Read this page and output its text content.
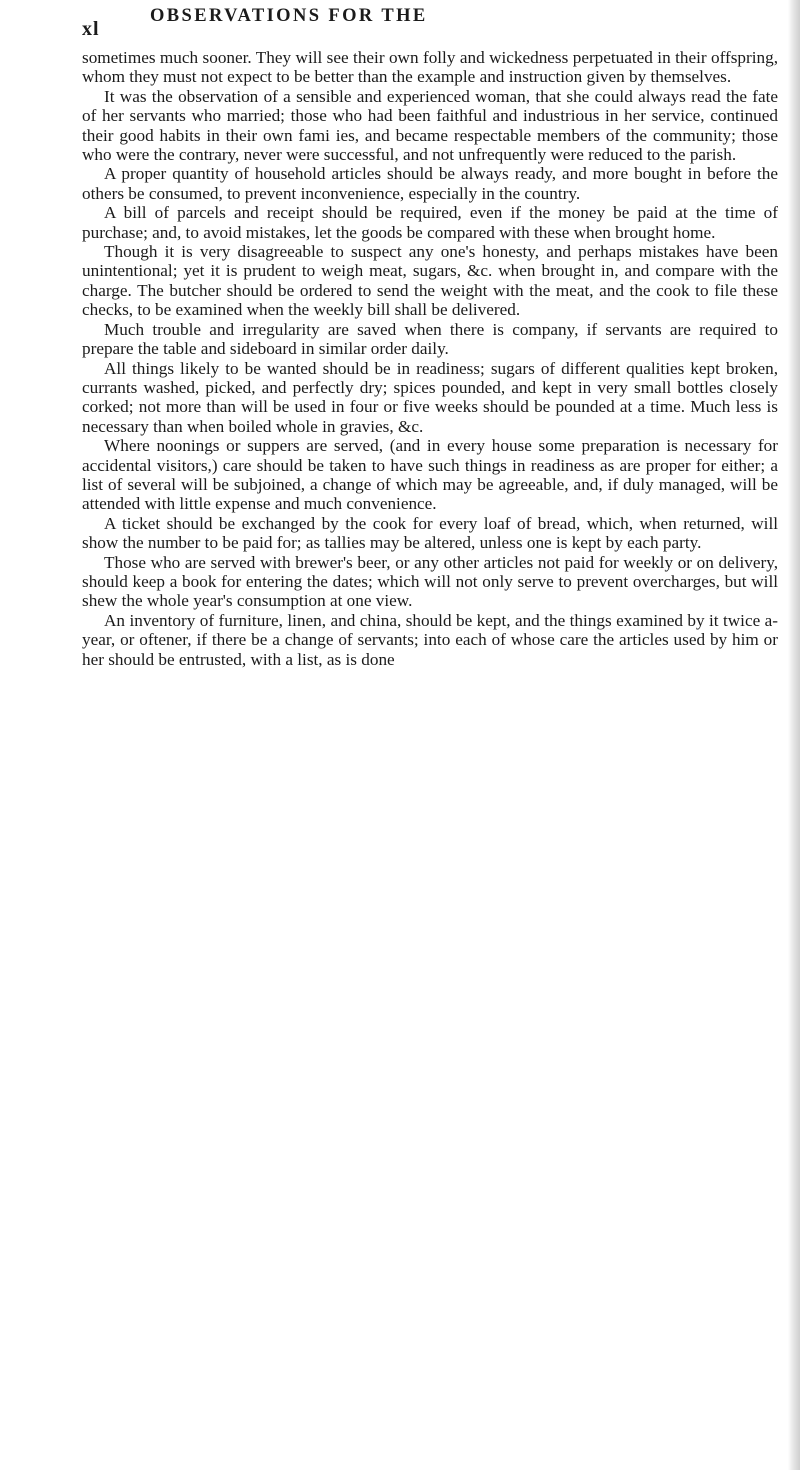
xl
OBSERVATIONS FOR THE

sometimes much sooner. They will see their own folly and wickedness perpetuated in their offspring, whom they must not expect to be better than the example and instruction given by themselves.

It was the observation of a sensible and experienced woman, that she could always read the fate of her servants who married; those who had been faithful and industrious in her service, continued their good habits in their own fami ies, and became respectable members of the community; those who were the contrary, never were successful, and not unfrequently were reduced to the parish.

A proper quantity of household articles should be always ready, and more bought in before the others be consumed, to prevent inconvenience, especially in the country.

A bill of parcels and receipt should be required, even if the money be paid at the time of purchase; and, to avoid mistakes, let the goods be compared with these when brought home.

Though it is very disagreeable to suspect any one's honesty, and perhaps mistakes have been unintentional; yet it is prudent to weigh meat, sugars, &c. when brought in, and compare with the charge. The butcher should be ordered to send the weight with the meat, and the cook to file these checks, to be examined when the weekly bill shall be delivered.

Much trouble and irregularity are saved when there is company, if servants are required to prepare the table and sideboard in similar order daily.

All things likely to be wanted should be in readiness; sugars of different qualities kept broken, currants washed, picked, and perfectly dry; spices pounded, and kept in very small bottles closely corked; not more than will be used in four or five weeks should be pounded at a time. Much less is necessary than when boiled whole in gravies, &c.

Where noonings or suppers are served, (and in every house some preparation is necessary for accidental visitors,) care should be taken to have such things in readiness as are proper for either; a list of several will be subjoined, a change of which may be agreeable, and, if duly managed, will be attended with little expense and much convenience.

A ticket should be exchanged by the cook for every loaf of bread, which, when returned, will show the number to be paid for; as tallies may be altered, unless one is kept by each party.

Those who are served with brewer's beer, or any other articles not paid for weekly or on delivery, should keep a book for entering the dates; which will not only serve to prevent overcharges, but will shew the whole year's consumption at one view.

An inventory of furniture, linen, and china, should be kept, and the things examined by it twice a-year, or oftener, if there be a change of servants; into each of whose care the articles used by him or her should be entrusted, with a list, as is done
